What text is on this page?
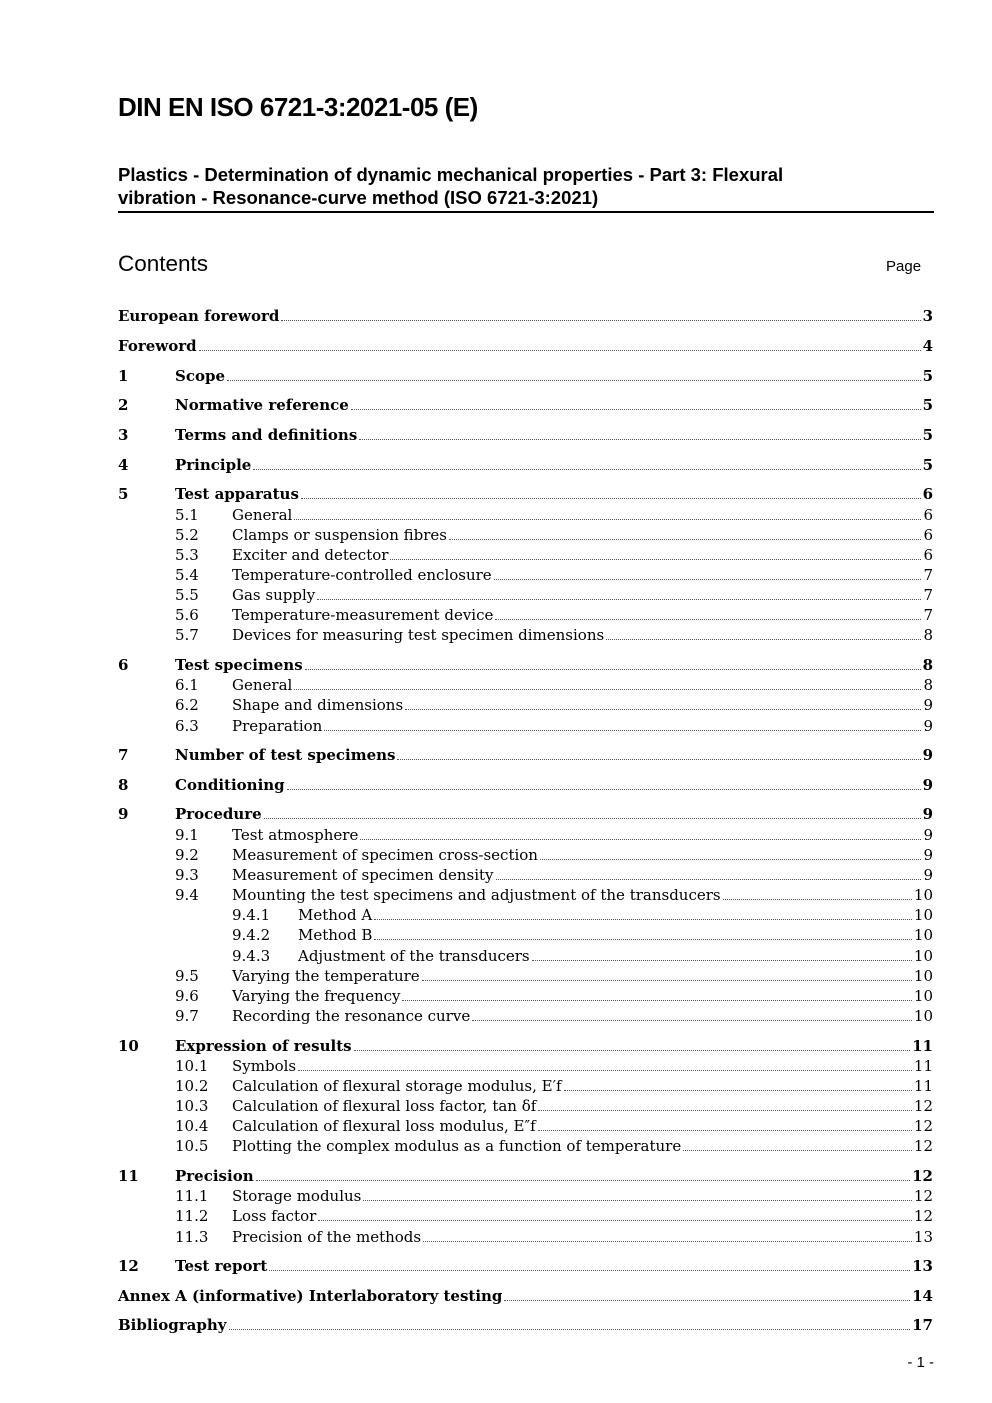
DIN EN ISO 6721-3:2021-05 (E)
Plastics - Determination of dynamic mechanical properties - Part 3: Flexural
vibration - Resonance-curve method (ISO 6721-3:2021)
Contents	Page
European foreword	3
Foreword	4
1	Scope	5
2	Normative reference	5
3	Terms and definitions	5
4	Principle	5
5	Test apparatus	6
5.1	General	6
5.2	Clamps or suspension fibres	6
5.3	Exciter and detector	6
5.4	Temperature-controlled enclosure	7
5.5	Gas supply	7
5.6	Temperature-measurement device	7
5.7	Devices for measuring test specimen dimensions	8
6	Test specimens	8
6.1	General	8
6.2	Shape and dimensions	9
6.3	Preparation	9
7	Number of test specimens	9
8	Conditioning	9
9	Procedure	9
9.1	Test atmosphere	9
9.2	Measurement of specimen cross-section	9
9.3	Measurement of specimen density	9
9.4	Mounting the test specimens and adjustment of the transducers	10
9.4.1	Method A	10
9.4.2	Method B	10
9.4.3	Adjustment of the transducers	10
9.5	Varying the temperature	10
9.6	Varying the frequency	10
9.7	Recording the resonance curve	10
10	Expression of results	11
10.1	Symbols	11
10.2	Calculation of flexural storage modulus, E′f	11
10.3	Calculation of flexural loss factor, tan δf	12
10.4	Calculation of flexural loss modulus, E″f	12
10.5	Plotting the complex modulus as a function of temperature	12
11	Precision	12
11.1	Storage modulus	12
11.2	Loss factor	12
11.3	Precision of the methods	13
12	Test report	13
Annex A (informative) Interlaboratory testing	14
Bibliography	17
- 1 -
